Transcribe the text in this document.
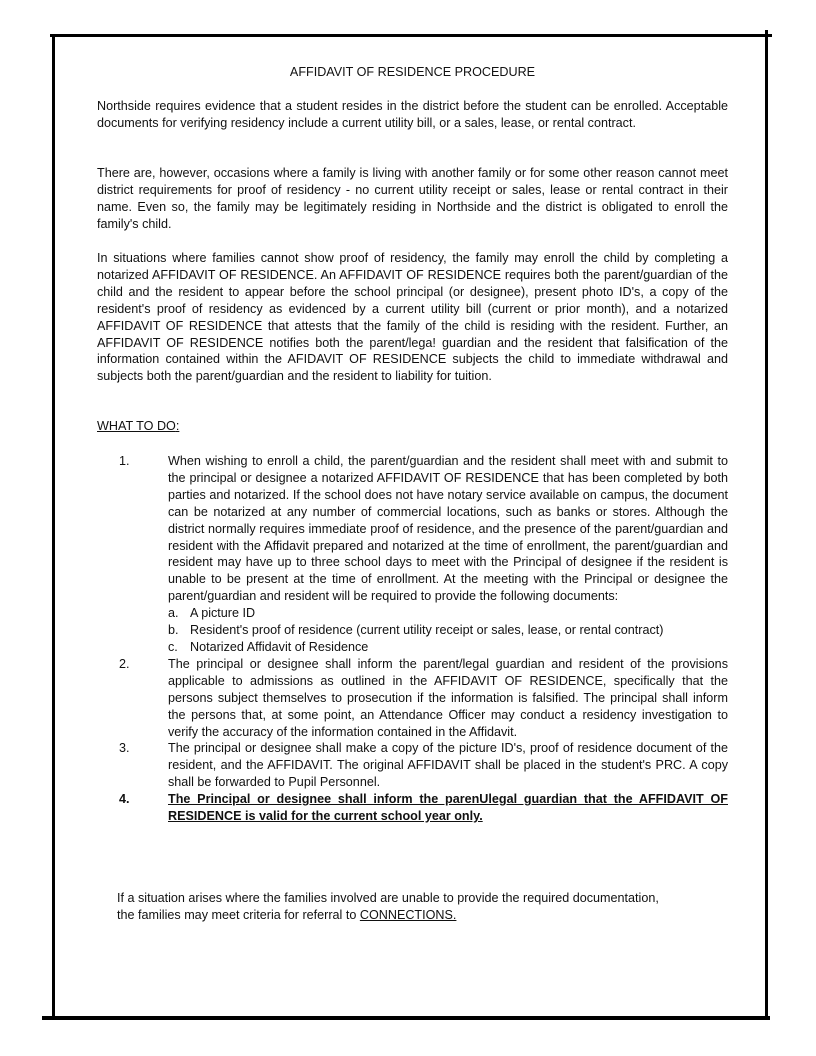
AFFIDAVIT OF RESIDENCE PROCEDURE

Northside requires evidence that a student resides in the district before the student can be enrolled. Acceptable documents for verifying residency include a current utility bill, or a sales, lease, or rental contract.

There are, however, occasions where a family is living with another family or for some other reason cannot meet district requirements for proof of residency - no current utility receipt or sales, lease or rental contract in their name. Even so, the family may be legitimately residing in Northside and the district is obligated to enroll the family's child.

In situations where families cannot show proof of residency, the family may enroll the child by completing a notarized AFFIDAVIT OF RESIDENCE. An AFFIDAVIT OF RESIDENCE requires both the parent/guardian of the child and the resident to appear before the school principal (or designee), present photo ID's, a copy of the resident's proof of residency as evidenced by a current utility bill (current or prior month), and a notarized AFFIDAVIT OF RESIDENCE that attests that the family of the child is residing with the resident. Further, an AFFIDAVIT OF RESIDENCE notifies both the parent/lega! guardian and the resident that falsification of the information contained within the AFIDAVIT OF RESIDENCE subjects the child to immediate withdrawal and subjects both the parent/guardian and the resident to liability for tuition.

WHAT TO DO:
1.	When wishing to enroll a child, the parent/guardian and the resident shall meet with and submit to the principal or designee a notarized AFFIDAVIT OF RESIDENCE that has been completed by both parties and notarized. If the school does not have notary service available on campus, the document can be notarized at any number of commercial locations, such as banks or stores. Although the district normally requires immediate proof of residence, and the presence of the parent/guardian and resident with the Affidavit prepared and notarized at the time of enrollment, the parent/guardian and resident may have up to three school days to meet with the Principal of designee if the resident is unable to be present at the time of enrollment. At the meeting with the Principal or designee the parent/guardian and resident will be required to provide the following documents:
a. A picture ID
b. Resident's proof of residence (current utility receipt or sales, lease, or rental contract)
c. Notarized Affidavit of Residence
2.	The principal or designee shall inform the parent/legal guardian and resident of the provisions applicable to admissions as outlined in the AFFIDAVIT OF RESIDENCE, specifically that the persons subject themselves to prosecution if the information is falsified. The principal shall inform the persons that, at some point, an Attendance Officer may conduct a residency investigation to verify the accuracy of the information contained in the Affidavit.
3.	The principal or designee shall make a copy of the picture ID's, proof of residence document of the resident, and the AFFIDAVIT. The original AFFIDAVIT shall be placed in the student's PRC. A copy shall be forwarded to Pupil Personnel.
4.	The Principal or designee shall inform the parenUlegal guardian that the AFFIDAVIT OF RESIDENCE is valid for the current school year only.
If a situation arises where the families involved are unable to provide the required documentation, the families may meet criteria for referral to CONNECTIONS.
